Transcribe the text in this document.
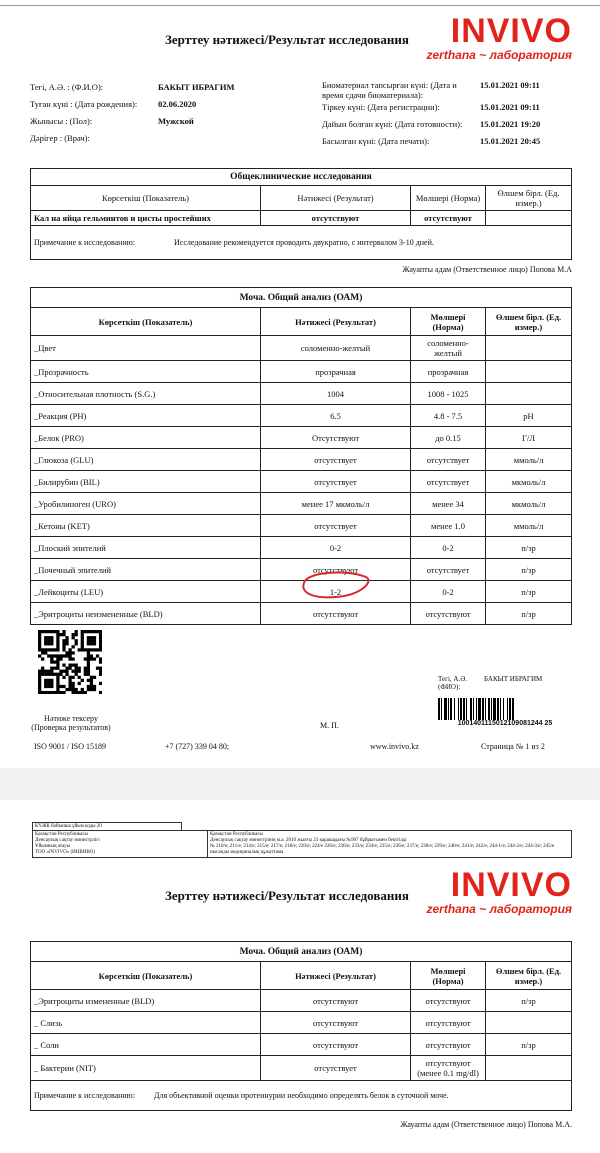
Зерттеу нәтижесі/Результат исследования	INVIVO
zerthana ~ лаборатория
Тегі, А.Ә. : (Ф.И.О):	БАКЫТ ИБРАГИМ
Туған күні : (Дата рождения):	02.06.2020
Жынысы : (Пол):	Мужской
Дәрігер : (Врач):
Биоматериал тапсырған күні: (Дата и время сдачи биоматериала):
15.01.2021 09:11
Тіркеу күні: (Дата регистрации):	15.01.2021 09:11
Дайын болған күні: (Дата готовности):	15.01.2021 19:20
Басылған күні: (Дата печати):	15.01.2021 20:45
Общеклинические исследования			
Көрсеткіш (Показатель)	Нәтижесі (Результат)	Мөлшері (Норма)	Өлшем бірл. (Ед. измер.)
Кал на яйца гельминтов и цисты простейших	отсутствуют	отсутствуют	

Примечание к исследованию: Исследование рекомендуется проводить двукратно, с интервалом 3-10 дней.			
Жауапты адам (Ответственное лицо) Попова М.А
Моча. Общий анализ (ОАМ)			
Көрсеткіш (Показатель)	Нәтижесі (Результат)	Мөлшері (Норма)	Өлшем бірл. (Ед. измер.)
_Цвет	соломенно-желтый	соломенно-желтый	
_Прозрачность	прозрачная	прозрачная	
_Относительная плотность (S.G.)	1004	1008 - 1025	
_Реакция (PH)	6.5	4.8 - 7.5	pH
_Белок (PRO)	Отсутствуют	до 0.15	Г/Л
_Глюкоза (GLU)	отсутствует	отсутствует	ммоль/л
_Билирубин (BIL)	отсутствует	отсутствует	мкмоль/л
_Уробилиноген (URO)	менее 17 мкмоль/л	менее 34	мкмоль/л
_Кетоны (KET)	отсутствует	менее 1.0	ммоль/л
_Плоский эпителий	0-2	0-2	п/зр
_Почечный эпителий	отсутствуют	отсутствует	п/зр
_Лейкоциты (LEU)	1-2	0-2	п/зр
_Эритроциты неизмененные (BLD)	отсутствуют	отсутствуют	п/зр
Нәтиже тексеру (Проверка результатов)
ISO 9001 / ISO 15189	+7 (727) 339 04 80;
М. П.
www.invivo.kz	Страница № 1 из 2
Тегі, А.Ә. (ФИО):
БАКЫТ ИБРАГИМ
1001401115012109081244 25
КҮЖК бойынша ұйым коды 20
Қазақстан Республикасы
Денсаулық сақтау министрлігі
Ұйымның атауы
ТОО «INVIVO» (ИНВИВО)

Қазақстан Республикасы
Денсаулық сақтау министрінің м.а. 2010 жылғы 23 қарашадағы №907 бұйрығымен бекітілді
№ 210/е; 211/е; 214/е; 215/е; 217/е; 218/е; 220/е; 224/е 226/е; 230/е; 233/е; 234/е; 235/е; 236/е; 237/е; 238/е; 239/е; 240/е; 241/е; 242/е; 244-1/е; 244-2/е; 244-3/е; 245/е нысанды медициналық құжаттама
Зерттеу нәтижесі/Результат исследования	INVIVO
zerthana ~ лаборатория
Моча. Общий анализ (ОАМ)			
Көрсеткіш (Показатель)	Нәтижесі (Результат)	Мөлшері (Норма)	Өлшем бірл. (Ед. измер.)
_Эритроциты измененные (BLD)	отсутствуют	отсутствуют	п/зр
_ Слизь	отсутствуют	отсутствуют	
_ Соли	отсутствуют	отсутствуют	п/зр
_ Бактерии (NIT)	отсутствует	отсутствуют (менее 0.1 mg/dl)	

Примечание к исследованию: Для объективной оценки протеинурии необходимо определять белок в суточной моче.			
Жауапты адам (Ответственное лицо) Попова М.А.
